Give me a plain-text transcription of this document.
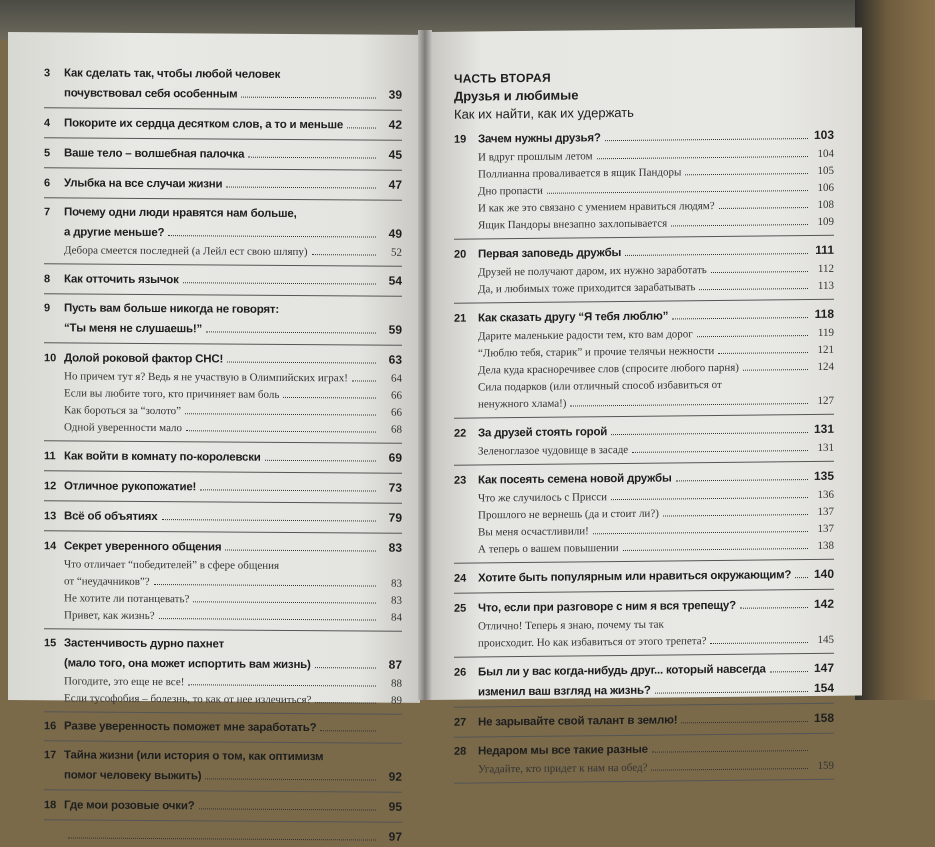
3	Как сделать так, чтобы любой человек
почувствовал себя особенным	39
4	Покорите их сердца десятком слов, а то и меньше	42
5	Ваше тело – волшебная палочка	45
6	Улыбка на все случаи жизни	47
7	Почему одни люди нравятся нам больше,
а другие меньше?	49
Дебора смеется последней (а Лейл ест свою шляпу)	52
8	Как отточить язычок	54
9	Пусть вам больше никогда не говорят:
“Ты меня не слушаешь!”	59
10 Долой роковой фактор СНС!	63
Но причем тут я? Ведь я не участвую в Олимпийских играх!	64
Если вы любите того, кто причиняет вам боль	66
Как бороться за “золото”	66
Одной уверенности мало	68
11 Как войти в комнату по-королевски	69
12 Отличное рукопожатие!	73
13 Всё об объятиях	79
14 Секрет уверенного общения	83
Что отличает “победителей” в сфере общения
от “неудачников”?	83
Не хотите ли потанцевать?	83
Привет, как жизнь?	84
15 Застенчивость дурно пахнет
(мало того, она может испортить вам жизнь)	87
Погодите, это еще не все!	88
Если тусофобия – болезнь, то как от нее излечиться?	89
16 Разве уверенность поможет мне заработать?
17 Тайна жизни (или история о том, как оптимизм
помог человеку выжить)	92
18 Где мои розовые очки?	95
97
ЧАСТЬ ВТОРАЯ
Друзья и любимые
Как их найти, как их удержать
19	Зачем нужны друзья?	103
И вдруг прошлым летом	104
Поллианна проваливается в ящик Пандоры	105
Дно пропасти	106
И как же это связано с умением нравиться людям?	108
Ящик Пандоры внезапно захлопывается	109
20	Первая заповедь дружбы	111
Друзей не получают даром, их нужно заработать	112
Да, и любимых тоже приходится зарабатывать	113
21	Как сказать другу “Я тебя люблю”	118
Дарите маленькие радости тем, кто вам дорог	119
“Люблю тебя, старик” и прочие телячьи нежности	121
Дела куда красноречивее слов (спросите любого парня)	124
Сила подарков (или отличный способ избавиться от
ненужного хлама!)	127
22	За друзей стоять горой	131
Зеленоглазое чудовище в засаде	131
23	Как посеять семена новой дружбы	135
Что же случилось с Присси	136
Прошлого не вернешь (да и стоит ли?)	137
Вы меня осчастливили!	137
А теперь о вашем повышении	138
24	Хотите быть популярным или нравиться окружающим? 140
25	Что, если при разговоре с ним я вся трепещу?	142
Отлично! Теперь я знаю, почему ты так
происходит. Но как избавиться от этого трепета?	145
26	Был ли у вас когда-нибудь друг... который навсегда	147
изменил ваш взгляд на жизнь?	154
27	Не зарывайте свой талант в землю!	158
28	Недаром мы все такие разные
Угадайте, кто придет к нам на обед?	159
